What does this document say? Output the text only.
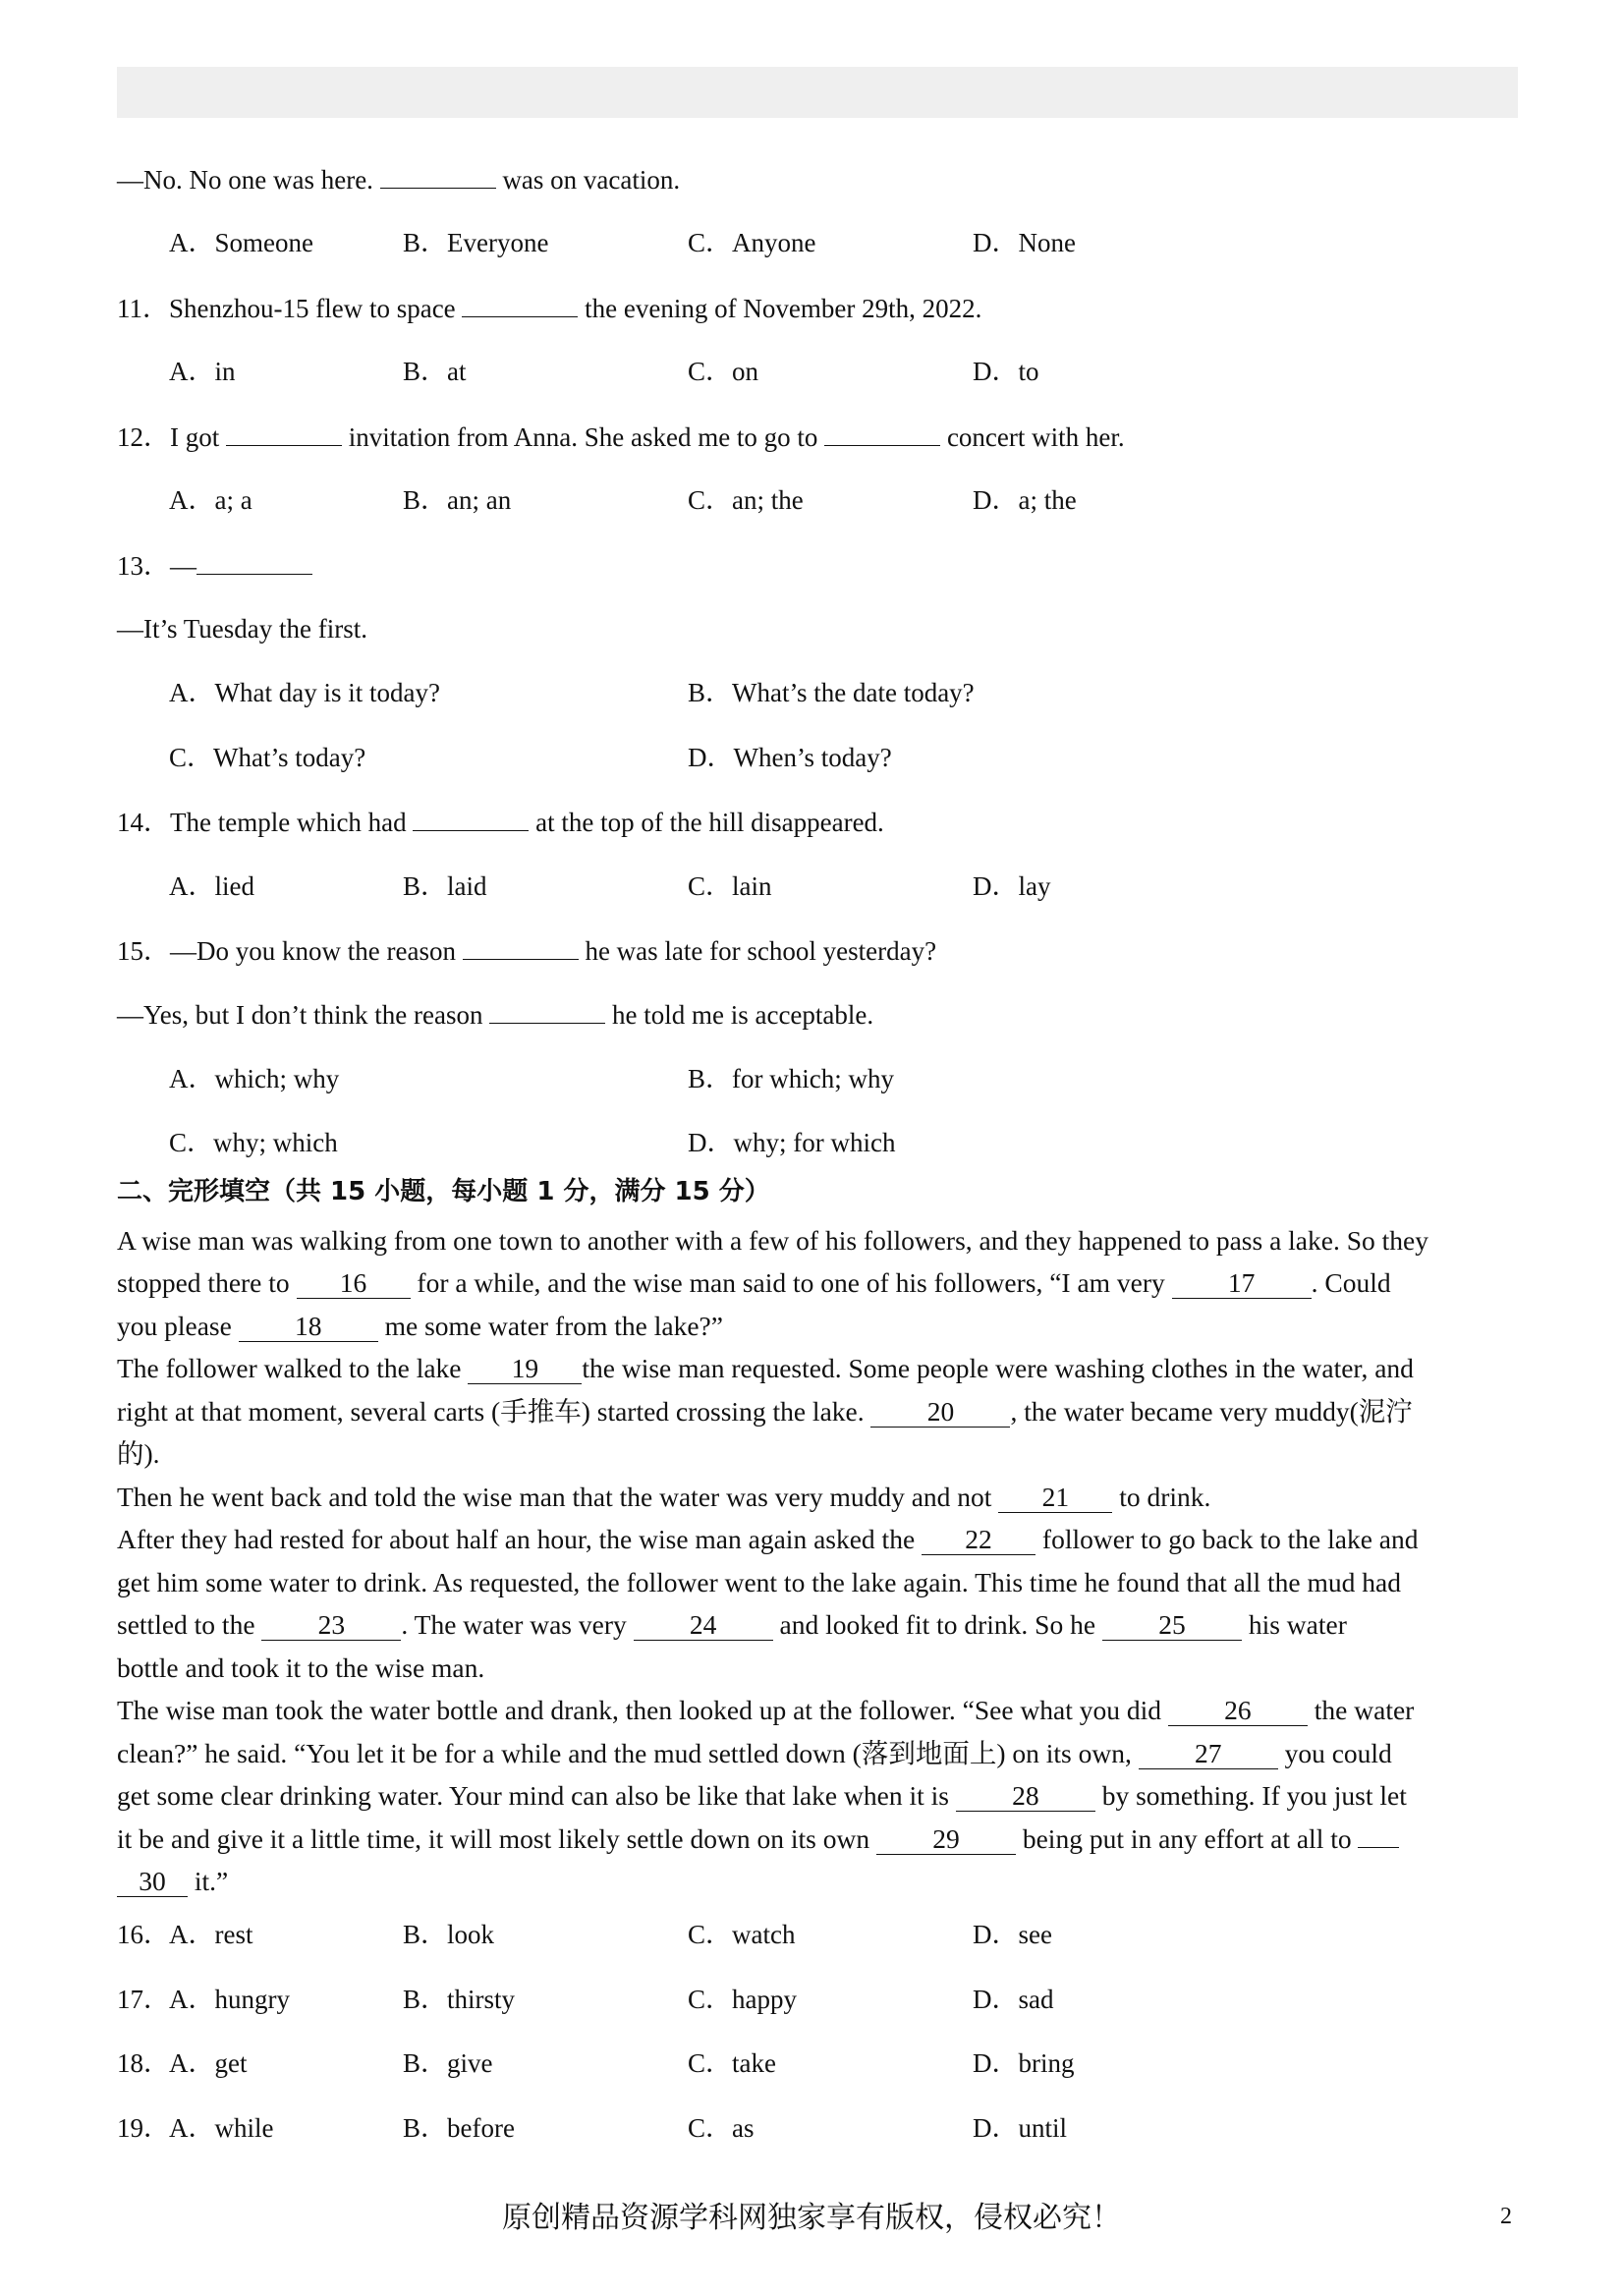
—No. No one was here.	was on vacation.
A．Someone	B．Everyone	C．Anyone	D．None
11．Shenzhou-15 flew to space	the evening of November 29th, 2022.
A．in	B．at	C．on	D．to
12．I got	invitation from Anna. She asked me to go to	concert with her.
A．a; a	B．an; an	C．an; the	D．a; the
13．—
—It’s Tuesday the first.
A．What day is it today?	B．What’s the date today?
C．What’s today?	D．When’s today?
14．The temple which had	at the top of the hill disappeared.
A．lied	B．laid	C．lain	D．lay
15．—Do you know the reason	he was late for school yesterday?
—Yes, but I don’t think the reason	he told me is acceptable.
A．which; why	B．for which; why
C．why; which	D．why; for which
二、完形填空（共 15 小题，每小题 1 分，满分 15 分）
A wise man was walking from one town to another with a few of his followers, and they happened to pass a lake. So they
stopped there to 16 for a while, and the wise man said to one of his followers, “I am very 17 . Could
you please 18 me some water from the lake?”
The follower walked to the lake 19 the wise man requested. Some people were washing clothes in the water, and
right at that moment, several carts (手推车) started crossing the lake. 20 , the water became very muddy(泥泞
的).
Then he went back and told the wise man that the water was very muddy and not 21 to drink.
After they had rested for about half an hour, the wise man again asked the 22 follower to go back to the lake and
get him some water to drink. As requested, the follower went to the lake again. This time he found that all the mud had
settled to the 23 . The water was very 24 and looked fit to drink. So he 25 his water
bottle and took it to the wise man.
The wise man took the water bottle and drank, then looked up at the follower. “See what you did 26 the water
clean?” he said. “You let it be for a while and the mud settled down (落到地面上) on its own, 27 you could
get some clear drinking water. Your mind can also be like that lake when it is 28 by something. If you just let
it be and give it a little time, it will most likely settle down on its own 29 being put in any effort at all to
30 it.”
16． A．rest	B．look	C．watch	D．see
17． A．hungry	B．thirsty	C．happy	D．sad
18． A．get	B．give	C．take	D．bring
19． A．while	B．before	C．as	D．until
原创精品资源学科网独家享有版权，侵权必究！	2
